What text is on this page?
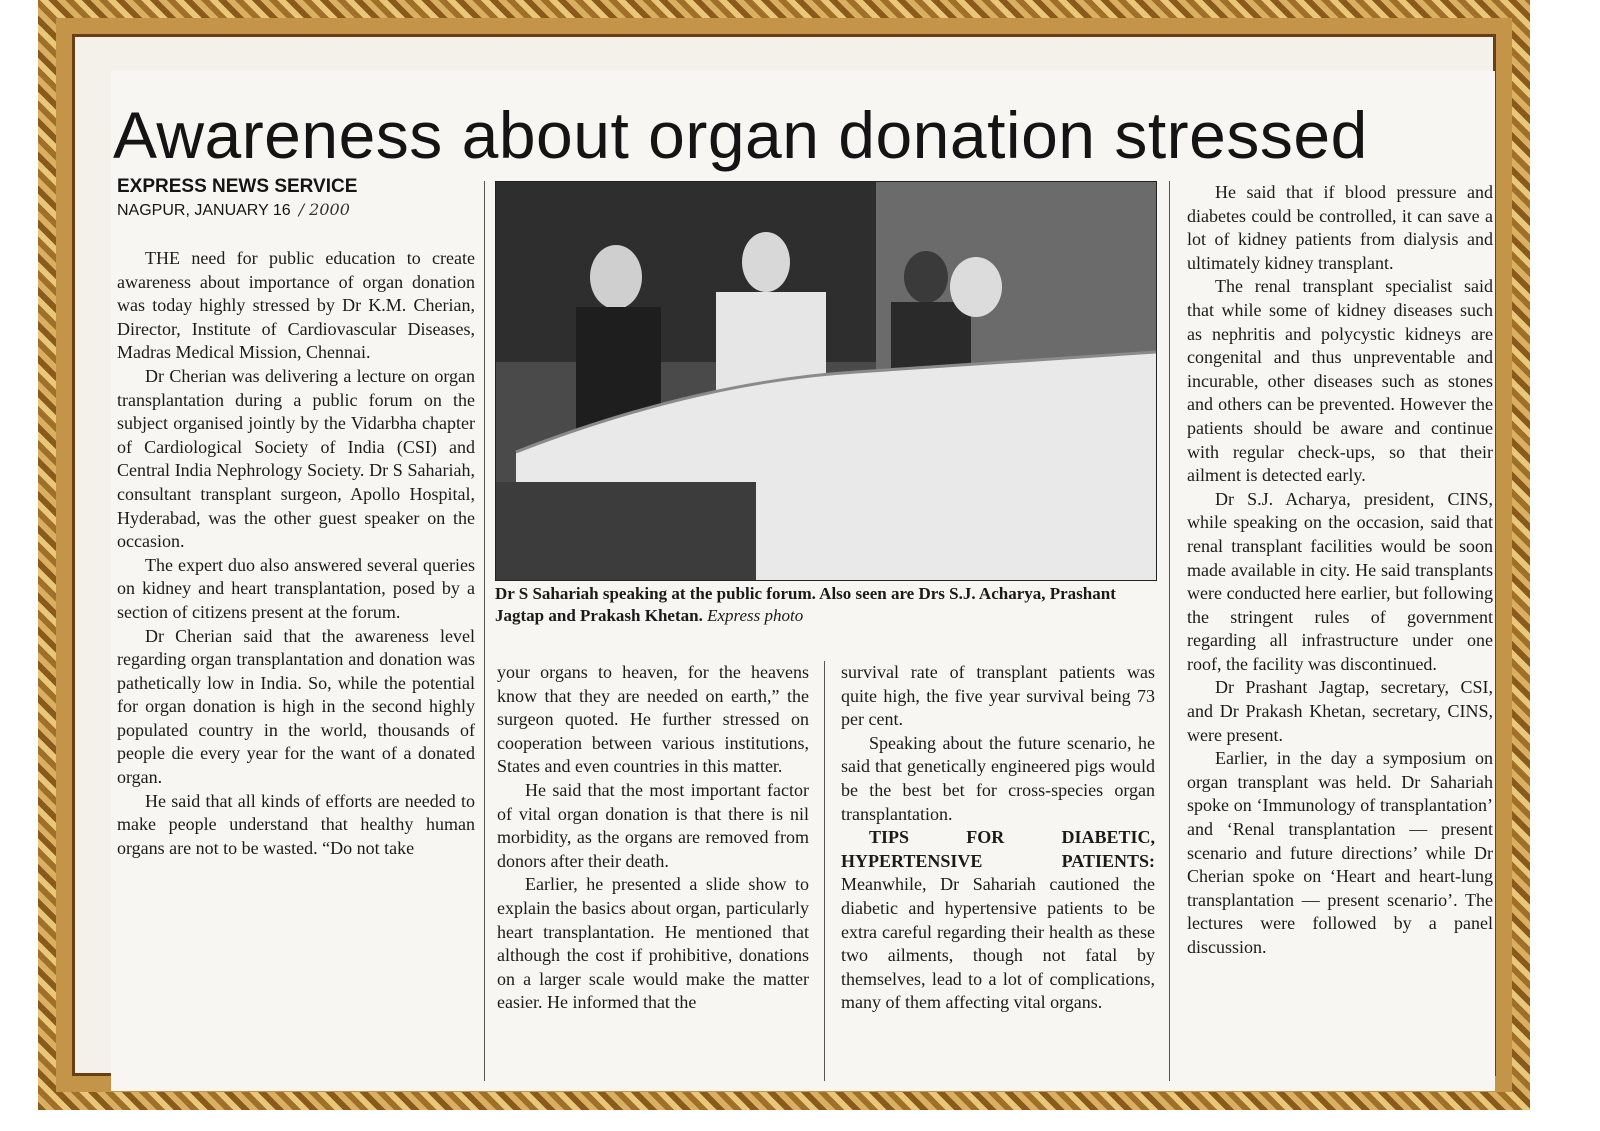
Awareness about organ donation stressed
EXPRESS NEWS SERVICE
NAGPUR, JANUARY 16 / 2000

THE need for public education to create awareness about importance of organ donation was today highly stressed by Dr K.M. Cherian, Director, Institute of Cardiovascular Diseases, Madras Medical Mission, Chennai.

Dr Cherian was delivering a lecture on organ transplantation during a public forum on the subject organised jointly by the Vidarbha chapter of Cardiological Society of India (CSI) and Central India Nephrology Society. Dr S Sahariah, consultant transplant surgeon, Apollo Hospital, Hyderabad, was the other guest speaker on the occasion.

The expert duo also answered several queries on kidney and heart transplantation, posed by a section of citizens present at the forum.

Dr Cherian said that the awareness level regarding organ transplantation and donation was pathetically low in India. So, while the potential for organ donation is high in the second highly populated country in the world, thousands of people die every year for the want of a donated organ.

He said that all kinds of efforts are needed to make people understand that healthy human organs are not to be wasted. “Do not take

Dr S Sahariah speaking at the public forum. Also seen are Drs S.J. Acharya, Prashant Jagtap and Prakash Khetan. Express photo

your organs to heaven, for the heavens know that they are needed on earth,” the surgeon quoted. He further stressed on cooperation between various institutions, States and even countries in this matter.

He said that the most important factor of vital organ donation is that there is nil morbidity, as the organs are removed from donors after their death.

Earlier, he presented a slide show to explain the basics about organ, particularly heart transplantation. He mentioned that although the cost if prohibitive, donations on a larger scale would make the matter easier. He informed that the

survival rate of transplant patients was quite high, the five year survival being 73 per cent.

Speaking about the future scenario, he said that genetically engineered pigs would be the best bet for cross-species organ transplantation.

TIPS FOR DIABETIC, HYPERTENSIVE PATIENTS: Meanwhile, Dr Sahariah cautioned the diabetic and hypertensive patients to be extra careful regarding their health as these two ailments, though not fatal by themselves, lead to a lot of complications, many of them affecting vital organs.

He said that if blood pressure and diabetes could be controlled, it can save a lot of kidney patients from dialysis and ultimately kidney transplant.

The renal transplant specialist said that while some of kidney diseases such as nephritis and polycystic kidneys are congenital and thus unpreventable and incurable, other diseases such as stones and others can be prevented. However the patients should be aware and continue with regular check-ups, so that their ailment is detected early.

Dr S.J. Acharya, president, CINS, while speaking on the occasion, said that renal transplant facilities would be soon made available in city. He said transplants were conducted here earlier, but following the stringent rules of government regarding all infrastructure under one roof, the facility was discontinued.

Dr Prashant Jagtap, secretary, CSI, and Dr Prakash Khetan, secretary, CINS, were present.

Earlier, in the day a symposium on organ transplant was held. Dr Sahariah spoke on ‘Immunology of transplantation’ and ‘Renal transplantation — present scenario and future directions’ while Dr Cherian spoke on ‘Heart and heart-lung transplantation — present scenario’. The lectures were followed by a panel discussion.
